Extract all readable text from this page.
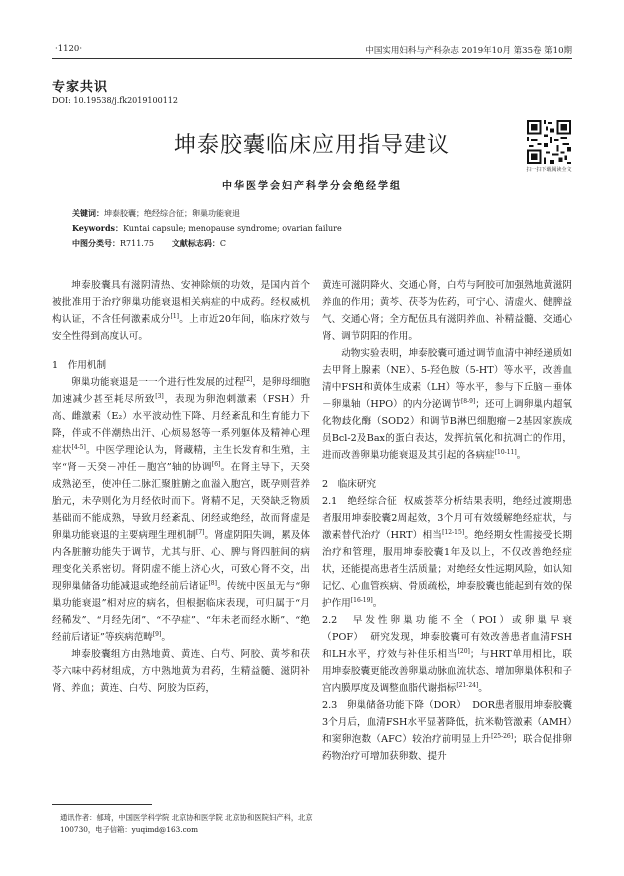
·1120·	中国实用妇科与产科杂志 2019年10月 第35卷 第10期
专家共识
DOI: 10.19538/j.fk2019100112
坤泰胶囊临床应用指导建议
中华医学会妇产科学分会绝经学组
扫一扫下载阅读全文
关键词：坤泰胶囊；绝经综合征；卵巢功能衰退
Keywords：Kuntai capsule; menopause syndrome; ovarian failure
中图分类号：R711.75 文献标志码：C

坤泰胶囊具有滋阴清热、安神除烦的功效，是国内首个被批准用于治疗卵巢功能衰退相关病症的中成药。经权威机构认证，不含任何激素成分[1]。上市近20年间，临床疗效与安全性得到高度认可。

1　作用机制

卵巢功能衰退是一一个进行性发展的过程[2]，是卵母细胞加速减少甚至耗尽所致[3]，表现为卵泡刺激素（FSH）升高、雌激素（E₂）水平波动性下降、月经紊乱和生育能力下降，伴或不伴潮热出汗、心烦易怒等一系列躯体及精神心理症状[4-5]。中医学理论认为，肾藏精，主生长发育和生殖，主宰“肾－天癸－冲任－胞宫”轴的协调[6]。在肾主导下，天癸成熟泌至，使冲任二脉汇聚脏腑之血溢入胞宫，既孕则营养胎元，未孕则化为月经依时而下。肾精不足，天癸缺乏物质基础而不能成熟，导致月经紊乱、闭经或绝经，故而肾虚是卵巢功能衰退的主要病理生理机制[7]。肾虚阴阳失调，累及体内各脏腑功能失于调节，尤其与肝、心、脾与肾四脏间的病理变化关系密切。肾阴虚不能上济心火，可致心肾不交，出现卵巢储备功能减退或绝经前后诸证[8]。传统中医虽无与“卵巢功能衰退”相对应的病名，但根据临床表现，可归属于“月经稀发”、“月经先闭”、“不孕症”、“年未老而经水断”、“绝经前后诸证”等疾病范畴[9]。

坤泰胶囊组方由熟地黄、黄连、白芍、阿胶、黄芩和茯苓六味中药材组成，方中熟地黄为君药，生精益髓、滋阴补肾、养血；黄连、白芍、阿胶为臣药，

黄连可滋阴降火、交通心肾，白芍与阿胶可加强熟地黄滋阴养血的作用；黄芩、茯苓为佐药，可宁心、清虚火、健脾益气、交通心肾；全方配伍具有滋阴养血、补精益髓、交通心肾、调节阴阳的作用。

动物实验表明，坤泰胶囊可通过调节血清中神经递质如去甲肾上腺素（NE）、5-羟色胺（5-HT）等水平，改善血清中FSH和黄体生成素（LH）等水平，参与下丘脑－垂体－卵巢轴（HPO）的内分泌调节[8-9]；还可上调卵巢内超氧化物歧化酶（SOD2）和调节B淋巴细胞瘤－2基因家族成员Bcl-2及Bax的蛋白表达，发挥抗氧化和抗凋亡的作用，进而改善卵巢功能衰退及其引起的各病症[10-11]。

2　临床研究

2.1　绝经综合征 权威荟萃分析结果表明，绝经过渡期患者服用坤泰胶囊2周起效，3个月可有效缓解绝经症状，与激素替代治疗（HRT）相当[12-15]。绝经期女性需接受长期治疗和管理，服用坤泰胶囊1年及以上，不仅改善绝经症状，还能提高患者生活质量；对绝经女性远期风险，如认知记忆、心血管疾病、骨质疏松，坤泰胶囊也能起到有效的保护作用[16-19]。

2.2　早发性卵巢功能不全（POI）或卵巢早衰（POF） 研究发现，坤泰胶囊可有效改善患者血清FSH和LH水平，疗效与补佳乐相当[20]；与HRT单用相比，联用坤泰胶囊更能改善卵巢动脉血流状态、增加卵巢体积和子宫内膜厚度及调整血脂代谢指标[21-24]。

2.3　卵巢储备功能下降（DOR） DOR患者服用坤泰胶囊3个月后，血清FSH水平显著降低，抗米勒管激素（AMH）和窦卵泡数（AFC）较治疗前明显上升[25-26]；联合促排卵药物治疗可增加获卵数、提升

通讯作者：郁琦，中国医学科学院 北京协和医学院 北京协和医院妇产科，北京 100730，电子信箱：yuqimd@163.com
